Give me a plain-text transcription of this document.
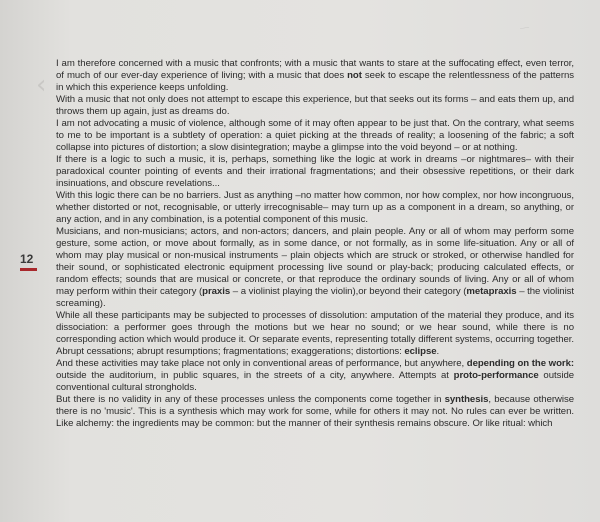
‹
12

I am therefore concerned with a music that confronts; with a music that wants to stare at the suffocating effect, even terror, of much of our ever-day experience of living; with a music that does not seek to escape the relentlessness of the patterns in which this experience keeps unfolding.

With a music that not only does not attempt to escape this experience, but that seeks out its forms – and eats them up, and throws them up again, just as dreams do.

I am not advocating a music of violence, although some of it may often appear to be just that. On the contrary, what seems to me to be important is a subtlety of operation: a quiet picking at the threads of reality; a loosening of the fabric; a soft collapse into pictures of distortion; a slow disintegration; maybe a glimpse into the void beyond – or at nothing.

If there is a logic to such a music, it is, perhaps, something like the logic at work in dreams –or nightmares– with their paradoxical counter pointing of events and their irrational fragmentations; and their obsessive repetitions, or their dark insinuations, and obscure revelations...

With this logic there can be no barriers. Just as anything –no matter how common, nor how complex, nor how incongruous, whether distorted or not, recognisable, or utterly irrecognisable– may turn up as a component in a dream, so anything, or any action, and in any combination, is a potential component of this music.

Musicians, and non-musicians; actors, and non-actors; dancers, and plain people. Any or all of whom may perform some gesture, some action, or move about formally, as in some dance, or not formally, as in some life-situation. Any or all of whom may play musical or non-musical instruments – plain objects which are struck or stroked, or otherwise handled for their sound, or sophisticated electronic equipment processing live sound or play-back; producing calculated effects, or random effects; sounds that are musical or concrete, or that reproduce the ordinary sounds of living. Any or all of whom may perform within their category (praxis – a violinist playing the violin),or beyond their category (metapraxis – the violinist screaming).

While all these participants may be subjected to processes of dissolution: amputation of the material they produce, and its dissociation: a performer goes through the motions but we hear no sound; or we hear sound, while there is no corresponding action which would produce it. Or separate events, representing totally different systems, occurring together. Abrupt cessations; abrupt resumptions; fragmentations; exaggerations; distortions: eclipse.

And these activities may take place not only in conventional areas of performance, but anywhere, depending on the work: outside the auditorium, in public squares, in the streets of a city, anywhere. Attempts at proto-performance outside conventional cultural strongholds.

But there is no validity in any of these processes unless the components come together in synthesis, because otherwise there is no 'music'. This is a synthesis which may work for some, while for others it may not. No rules can ever be written. Like alchemy: the ingredients may be common: but the manner of their synthesis remains obscure. Or like ritual: which

––
